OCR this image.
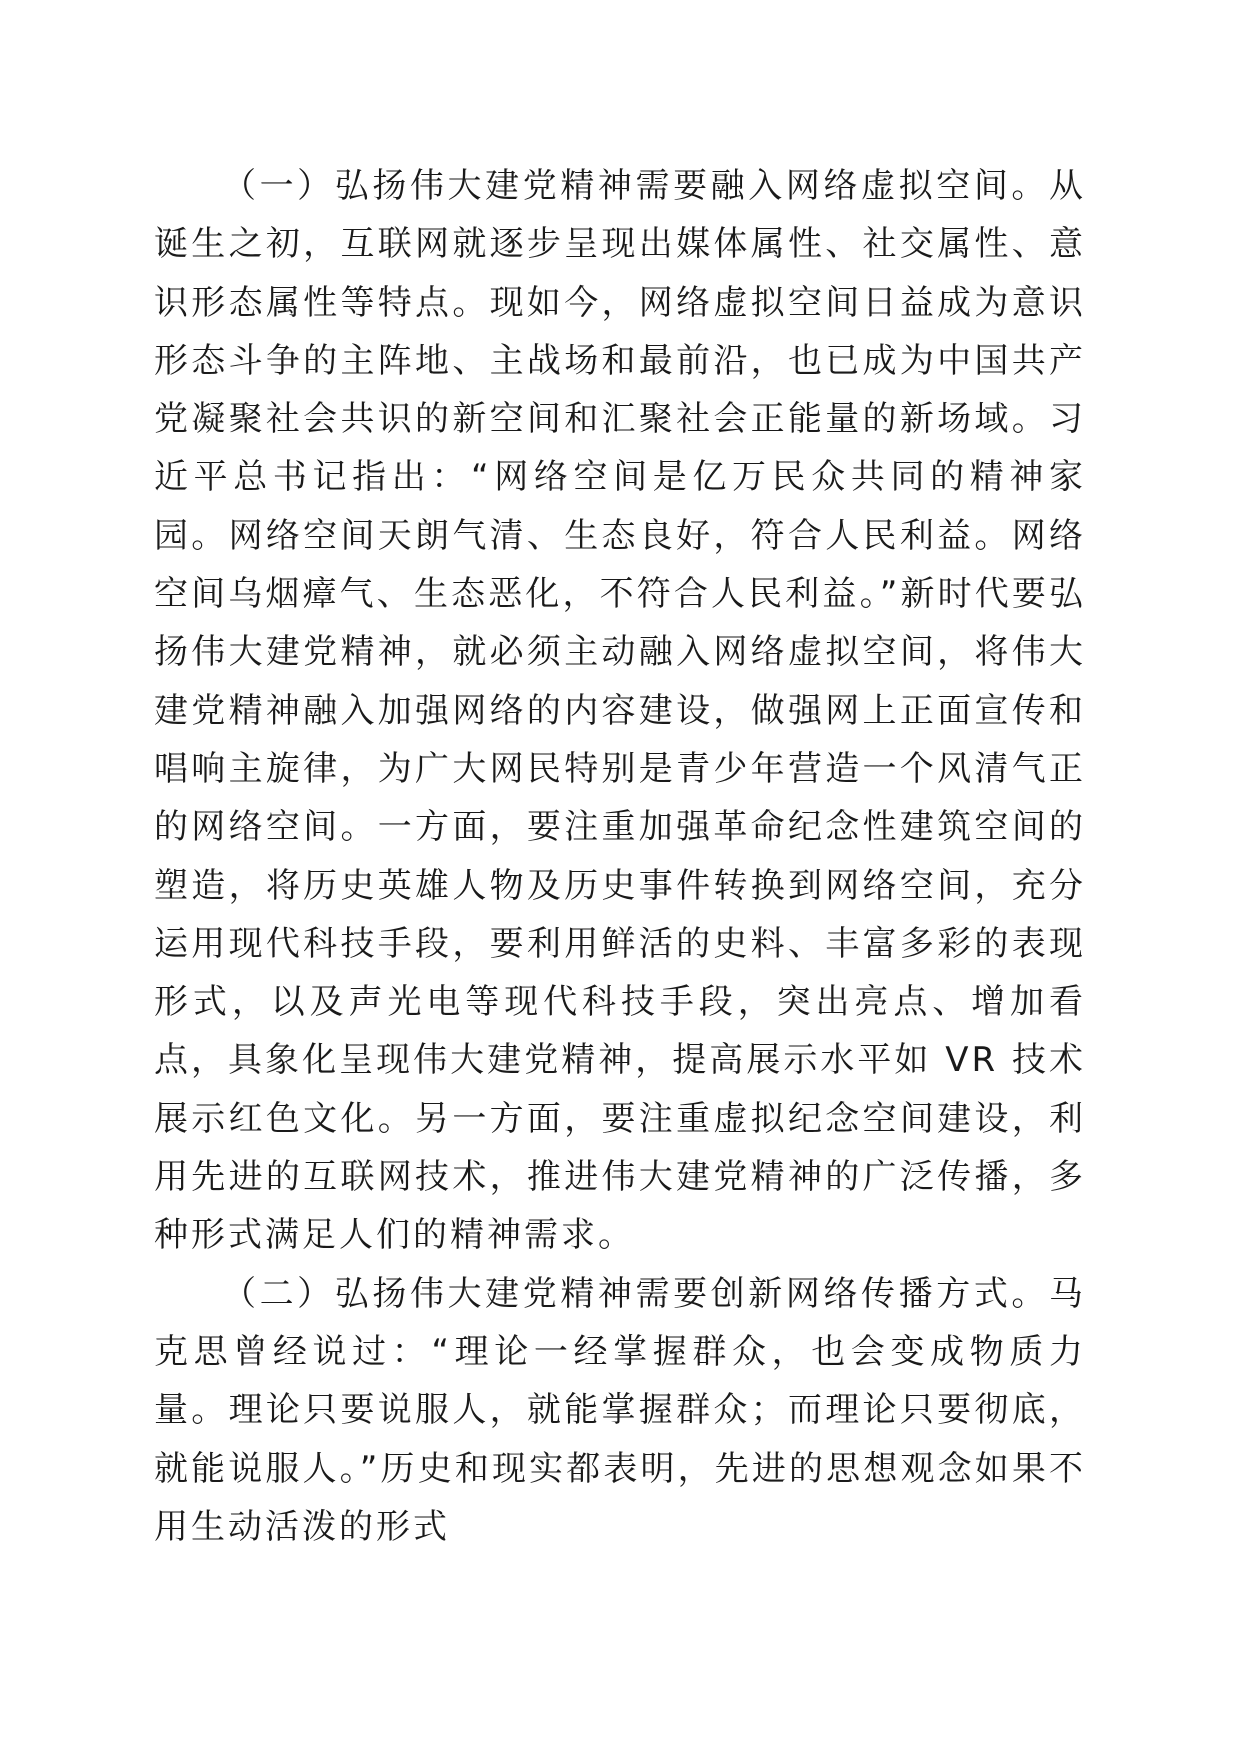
（一）弘扬伟大建党精神需要融入网络虚拟空间。从诞生之初，互联网就逐步呈现出媒体属性、社交属性、意识形态属性等特点。现如今，网络虚拟空间日益成为意识形态斗争的主阵地、主战场和最前沿，也已成为中国共产党凝聚社会共识的新空间和汇聚社会正能量的新场域。习近平总书记指出：“网络空间是亿万民众共同的精神家园。网络空间天朗气清、生态良好，符合人民利益。网络空间乌烟瘴气、生态恶化，不符合人民利益。”新时代要弘扬伟大建党精神，就必须主动融入网络虚拟空间，将伟大建党精神融入加强网络的内容建设，做强网上正面宣传和唱响主旋律，为广大网民特别是青少年营造一个风清气正的网络空间。一方面，要注重加强革命纪念性建筑空间的塑造，将历史英雄人物及历史事件转换到网络空间，充分运用现代科技手段，要利用鲜活的史料、丰富多彩的表现形式，以及声光电等现代科技手段，突出亮点、增加看点，具象化呈现伟大建党精神，提高展示水平如 VR 技术展示红色文化。另一方面，要注重虚拟纪念空间建设，利用先进的互联网技术，推进伟大建党精神的广泛传播，多种形式满足人们的精神需求。

（二）弘扬伟大建党精神需要创新网络传播方式。马克思曾经说过：“理论一经掌握群众，也会变成物质力量。理论只要说服人，就能掌握群众；而理论只要彻底，就能说服人。”历史和现实都表明，先进的思想观念如果不用生动活泼的形式
